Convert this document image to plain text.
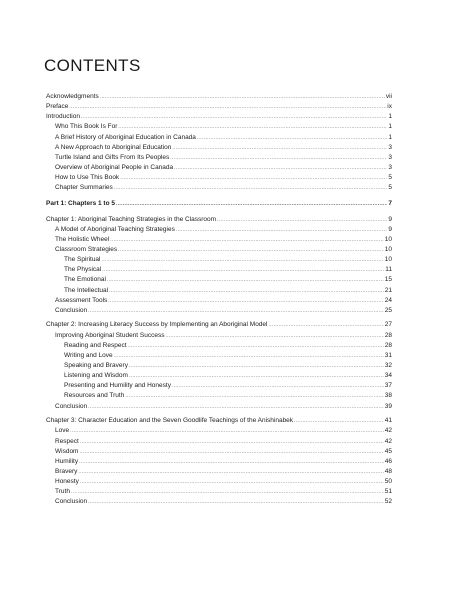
CONTENTS
Acknowledgments .....	vii
Preface .....	ix
Introduction .....	1
Who This Book Is For .....	1
A Brief History of Aboriginal Education in Canada .....	1
A New Approach to Aboriginal Education .....	3
Turtle Island and Gifts From Its Peoples .....	3
Overview of Aboriginal People in Canada .....	3
How to Use This Book .....	5
Chapter Summaries .....	5
Part 1: Chapters 1 to 5 .....	7
Chapter 1: Aboriginal Teaching Strategies in the Classroom .....	9
A Model of Aboriginal Teaching Strategies .....	9
The Holistic Wheel .....	10
Classroom Strategies .....	10
The Spiritual .....	10
The Physical .....	11
The Emotional .....	15
The Intellectual .....	21
Assessment Tools .....	24
Conclusion .....	25
Chapter 2: Increasing Literacy Success by Implementing an Aboriginal Model .....	27
Improving Aboriginal Student Success .....	28
Reading and Respect .....	28
Writing and Love .....	31
Speaking and Bravery .....	32
Listening and Wisdom .....	34
Presenting and Humility and Honesty .....	37
Resources and Truth .....	38
Conclusion .....	39
Chapter 3: Character Education and the Seven Goodlife Teachings of the Anishinabek .....	41
Love .....	42
Respect .....	42
Wisdom .....	45
Humility .....	46
Bravery .....	48
Honesty .....	50
Truth .....	51
Conclusion .....	52
